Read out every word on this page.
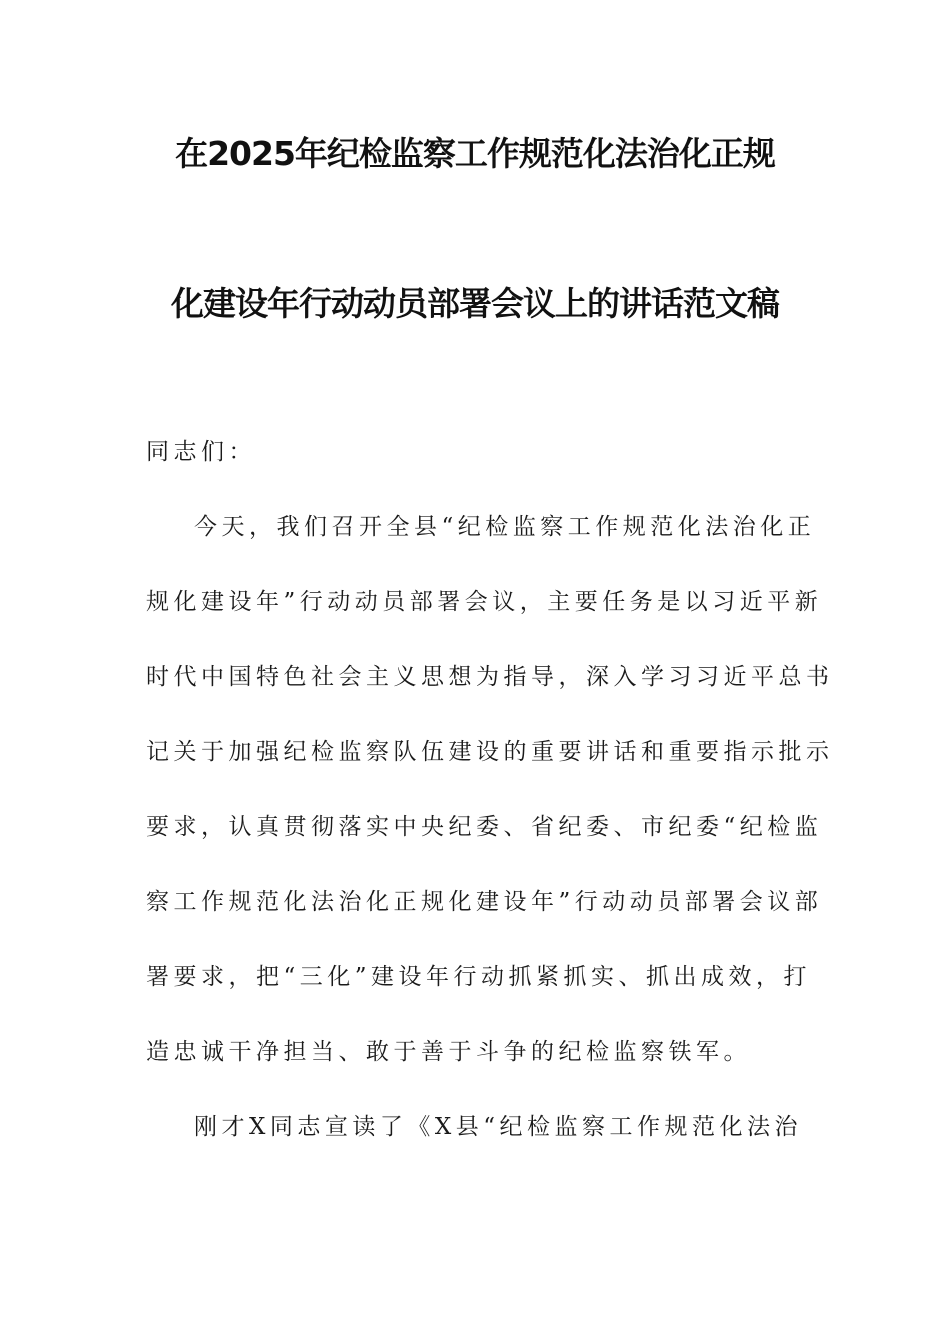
在2025年纪检监察工作规范化法治化正规
化建设年行动动员部署会议上的讲话范文稿
同志们：
今天，我们召开全县“纪检监察工作规范化法治化正
规化建设年”行动动员部署会议，主要任务是以习近平新
时代中国特色社会主义思想为指导，深入学习习近平总书
记关于加强纪检监察队伍建设的重要讲话和重要指示批示
要求，认真贯彻落实中央纪委、省纪委、市纪委“纪检监
察工作规范化法治化正规化建设年”行动动员部署会议部
署要求，把“三化”建设年行动抓紧抓实、抓出成效，打
造忠诚干净担当、敢于善于斗争的纪检监察铁军。
刚才X同志宣读了《X县“纪检监察工作规范化法治
